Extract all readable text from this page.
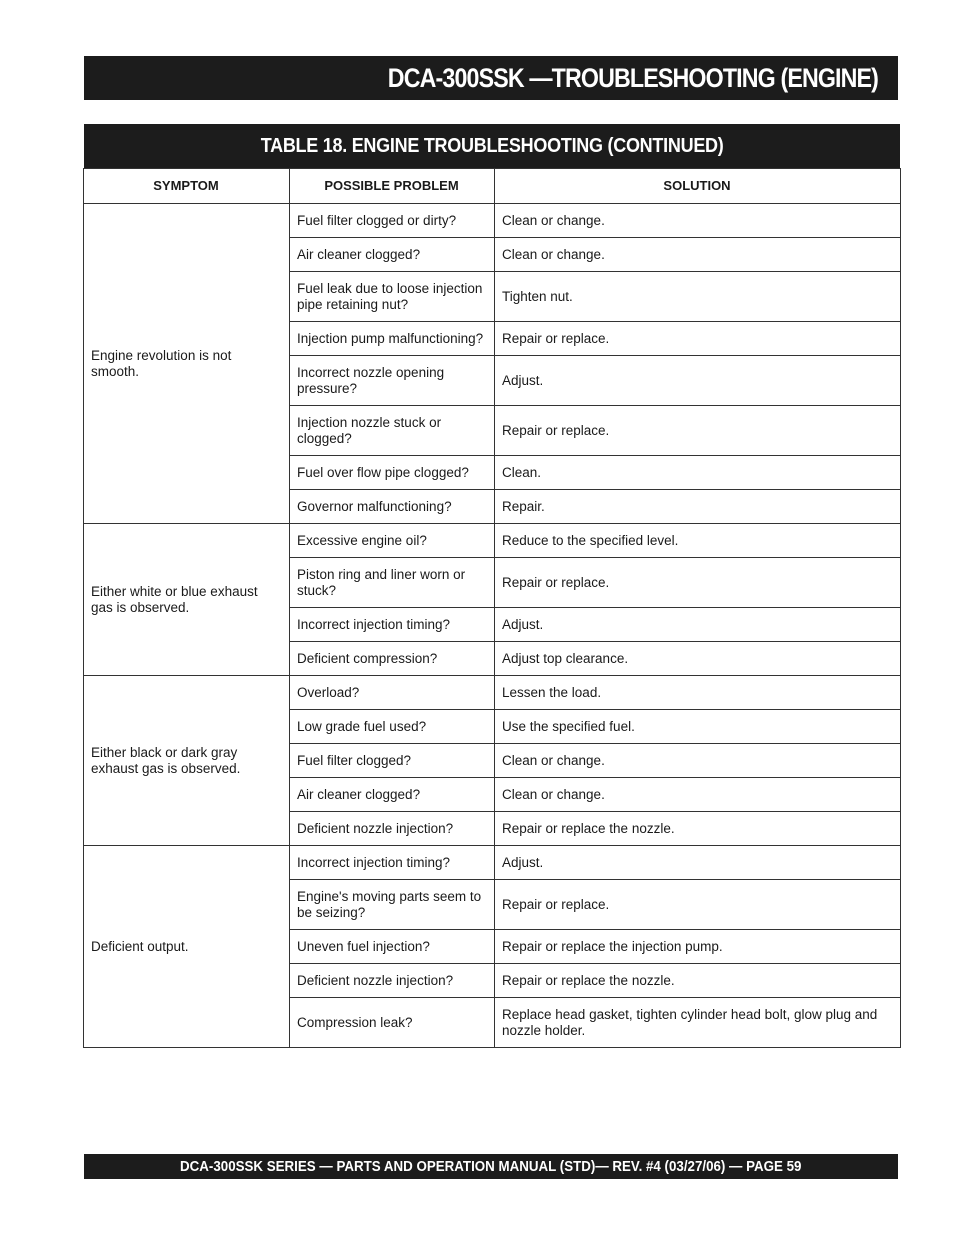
DCA-300SSK —TROUBLESHOOTING (ENGINE)
TABLE 18. ENGINE TROUBLESHOOTING (CONTINUED)
SYMPTOM	POSSIBLE PROBLEM	SOLUTION
Engine revolution is not smooth.	Fuel filter clogged or dirty?	Clean or change.
	Air cleaner clogged?	Clean or change.
	Fuel leak due to loose injection pipe retaining nut?	Tighten nut.
	Injection pump malfunctioning?	Repair or replace.
	Incorrect nozzle opening pressure?	Adjust.
	Injection nozzle stuck or clogged?	Repair or replace.
	Fuel over flow pipe clogged?	Clean.
	Governor malfunctioning?	Repair.
Either white or blue exhaust gas is observed.	Excessive engine oil?	Reduce to the specified level.
	Piston ring and liner worn or stuck?	Repair or replace.
	Incorrect injection timing?	Adjust.
	Deficient compression?	Adjust top clearance.
Either black or dark gray exhaust gas is observed.	Overload?	Lessen the load.
	Low grade fuel used?	Use the specified fuel.
	Fuel filter clogged?	Clean or change.
	Air cleaner clogged?	Clean or change.
	Deficient nozzle injection?	Repair or replace the nozzle.
Deficient output.	Incorrect injection timing?	Adjust.
	Engine's moving parts seem to be seizing?	Repair or replace.
	Uneven fuel injection?	Repair or replace the injection pump.
	Deficient nozzle injection?	Repair or replace the nozzle.
	Compression leak?	Replace head gasket, tighten cylinder head bolt, glow plug and nozzle holder.
DCA-300SSK SERIES — PARTS AND OPERATION MANUAL (STD)— REV. #4 (03/27/06) — PAGE 59
